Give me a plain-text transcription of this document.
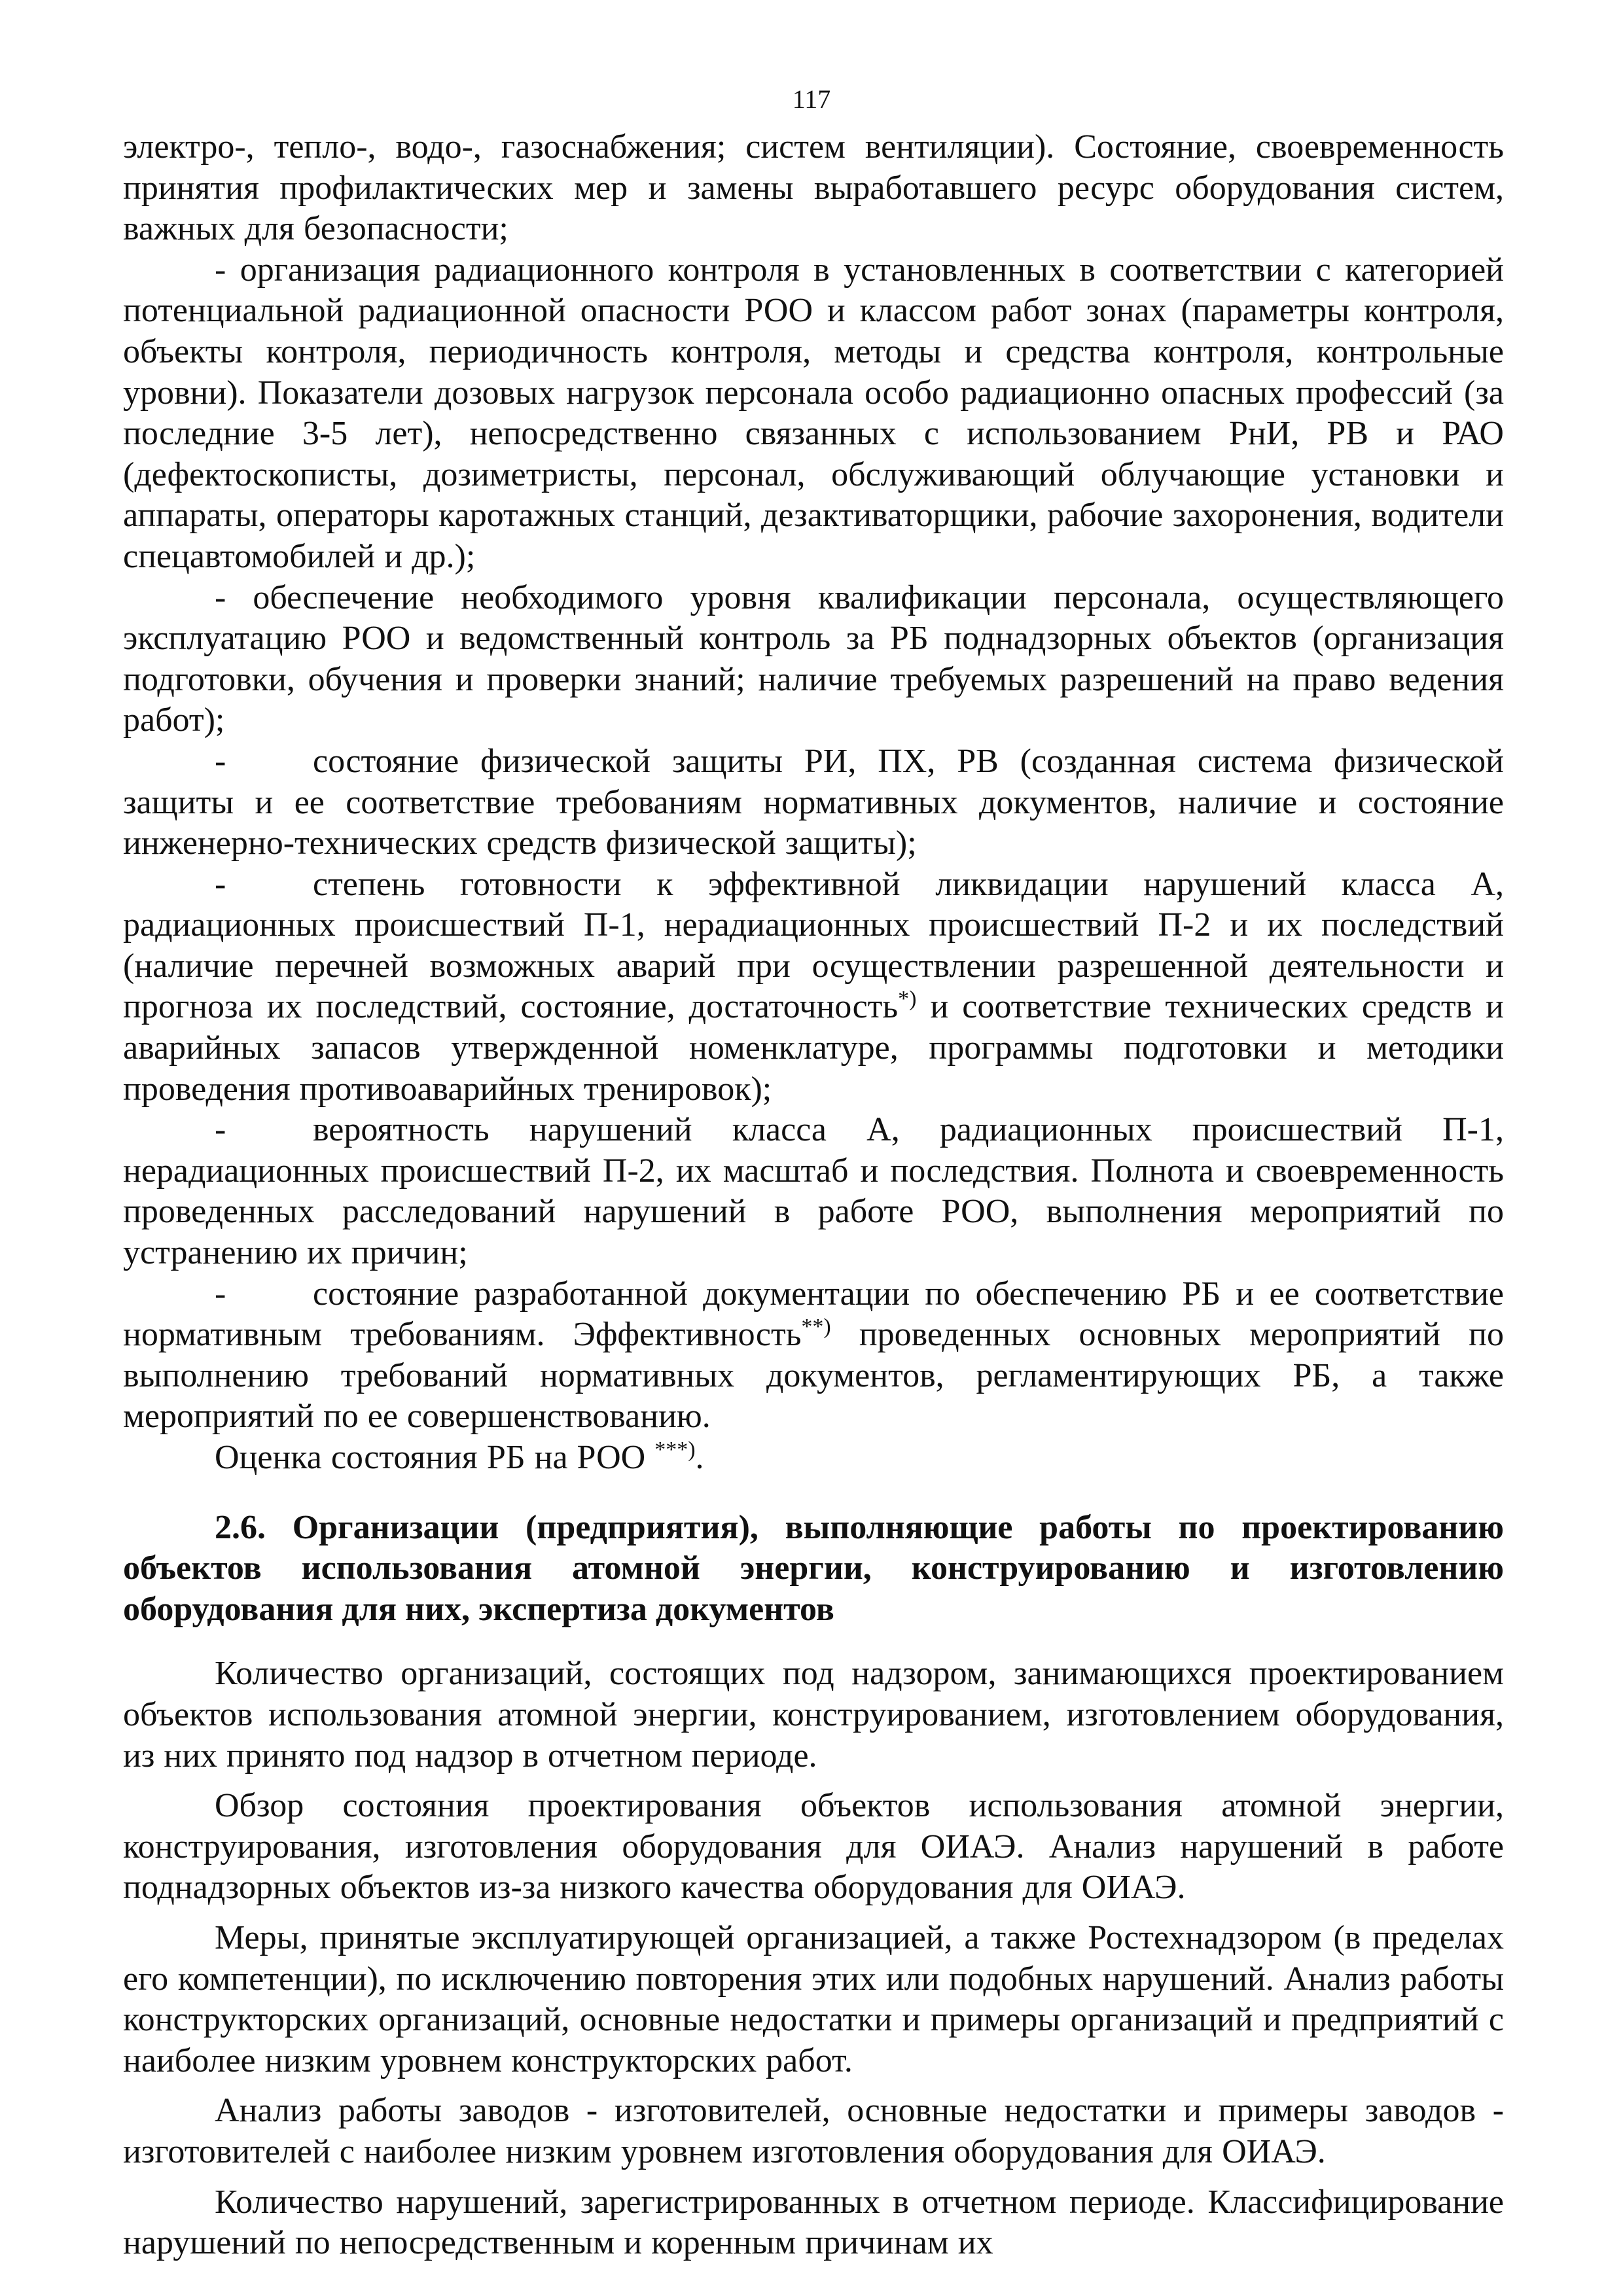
117

электро-, тепло-, водо-, газоснабжения; систем вентиляции). Состояние, своевременность принятия профилактических мер и замены выработавшего ресурс оборудования систем, важных для безопасности;

- организация радиационного контроля в установленных в соответствии с категорией потенциальной радиационной опасности РОО и классом работ зонах (параметры контроля, объекты контроля, периодичность контроля, методы и средства контроля, контрольные уровни). Показатели дозовых нагрузок персонала особо радиационно опасных профессий (за последние 3-5 лет), непосредственно связанных с использованием РнИ, РВ и РАО (дефектоскописты, дозиметристы, персонал, обслуживающий облучающие установки и аппараты, операторы каротажных станций, дезактиваторщики, рабочие захоронения, водители спецавтомобилей и др.);

- обеспечение необходимого уровня квалификации персонала, осуществляющего эксплуатацию РОО и ведомственный контроль за РБ поднадзорных объектов (организация подготовки, обучения и проверки знаний; наличие требуемых разрешений на право ведения работ);

-	состояние физической защиты РИ, ПХ, РВ (созданная система физической защиты и ее соответствие требованиям нормативных документов, наличие и состояние инженерно-технических средств физической защиты);

-	степень готовности к эффективной ликвидации нарушений класса А, радиационных происшествий П-1, нерадиационных происшествий П-2 и их последствий (наличие перечней возможных аварий при осуществлении разрешенной деятельности и прогноза их последствий, состояние, достаточность*) и соответствие технических средств и аварийных запасов утвержденной номенклатуре, программы подготовки и методики проведения противоаварийных тренировок);

-	вероятность нарушений класса А, радиационных происшествий П-1, нерадиационных происшествий П-2, их масштаб и последствия. Полнота и своевременность проведенных расследований нарушений в работе РОО, выполнения мероприятий по устранению их причин;

-	состояние разработанной документации по обеспечению РБ и ее соответствие нормативным требованиям. Эффективность**) проведенных основных мероприятий по выполнению требований нормативных документов, регламентирующих РБ, а также мероприятий по ее совершенствованию.

Оценка состояния РБ на РОО ***).

2.6. Организации (предприятия), выполняющие работы по проектированию объектов использования атомной энергии, конструированию и изготовлению оборудования для них, экспертиза документов

Количество организаций, состоящих под надзором, занимающихся проектированием объектов использования атомной энергии, конструированием, изготовлением оборудования, из них принято под надзор в отчетном периоде.

Обзор состояния проектирования объектов использования атомной энергии, конструирования, изготовления оборудования для ОИАЭ. Анализ нарушений в работе поднадзорных объектов из-за низкого качества оборудования для ОИАЭ.

Меры, принятые эксплуатирующей организацией, а также Ростехнадзором (в пределах его компетенции), по исключению повторения этих или подобных нарушений. Анализ работы конструкторских организаций, основные недостатки и примеры организаций и предприятий с наиболее низким уровнем конструкторских работ.

Анализ работы заводов - изготовителей, основные недостатки и примеры заводов - изготовителей с наиболее низким уровнем изготовления оборудования для ОИАЭ.

Количество нарушений, зарегистрированных в отчетном периоде. Классифицирование нарушений по непосредственным и коренным причинам их
